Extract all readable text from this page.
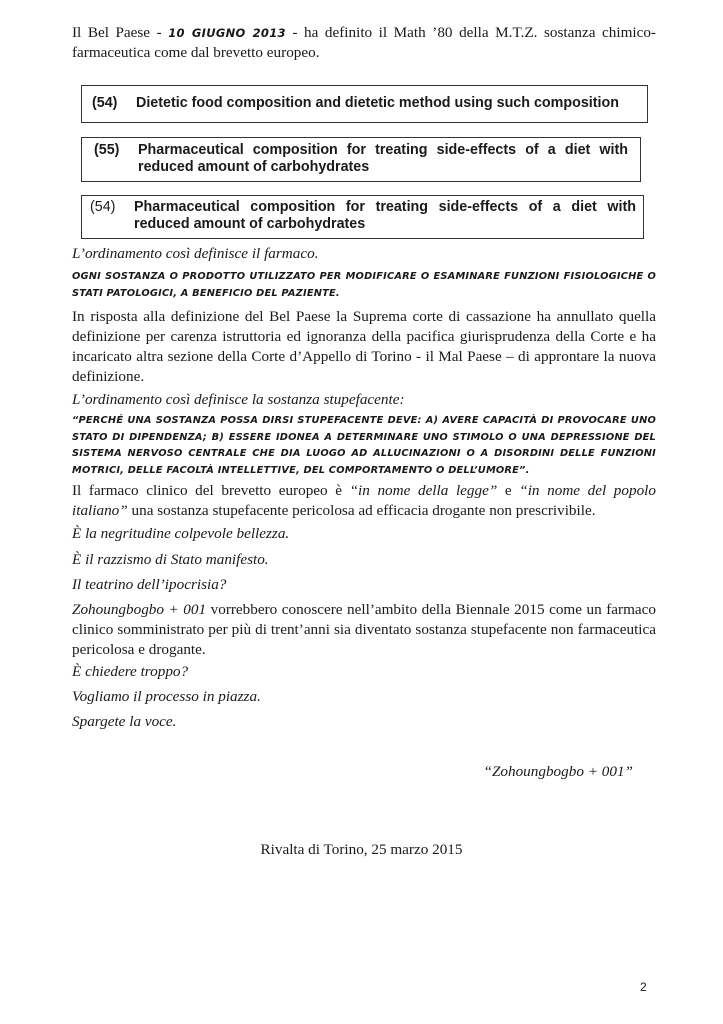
Il Bel Paese - 10 GIUGNO 2013 - ha definito il Math ’80 della M.T.Z. sostanza chimico-farmaceutica come dal brevetto europeo.

(54)	Dietetic food composition and dietetic method using such composition
(55)	Pharmaceutical composition for treating side-effects of a diet with reduced amount of carbohydrates
(54)	Pharmaceutical composition for treating side-effects of a diet with reduced amount of carbohydrates

L’ordinamento così definisce il farmaco.

OGNI SOSTANZA O PRODOTTO UTILIZZATO PER MODIFICARE O ESAMINARE FUNZIONI FISIOLOGICHE O STATI PATOLOGICI, A BENEFICIO DEL PAZIENTE.

In risposta alla definizione del Bel Paese la Suprema corte di cassazione ha annullato quella definizione per carenza istruttoria ed ignoranza della pacifica giurisprudenza della Corte e ha incaricato altra sezione della Corte d’Appello di Torino - il Mal Paese – di approntare la nuova definizione.

L’ordinamento così definisce la sostanza stupefacente:

“PERCHÉ UNA SOSTANZA POSSA DIRSI STUPEFACENTE DEVE: A) AVERE CAPACITÀ DI PROVOCARE UNO STATO DI DIPENDENZA; B) ESSERE IDONEA A DETERMINARE UNO STIMOLO O UNA DEPRESSIONE DEL SISTEMA NERVOSO CENTRALE CHE DIA LUOGO AD ALLUCINAZIONI O A DISORDINI DELLE FUNZIONI MOTRICI, DELLE FACOLTÀ INTELLETTIVE, DEL COMPORTAMENTO O DELL’UMORE”.

Il farmaco clinico del brevetto europeo è “in nome della legge” e “in nome del popolo italiano” una sostanza stupefacente pericolosa ad efficacia drogante non prescrivibile.

È la negritudine colpevole bellezza.

È il razzismo di Stato manifesto.

Il teatrino dell’ipocrisia?

Zohoungbogbo + 001 vorrebbero conoscere nell’ambito della Biennale 2015 come un farmaco clinico somministrato per più di trent’anni sia diventato sostanza stupefacente non farmaceutica pericolosa e drogante.

È chiedere troppo?

Vogliamo il processo in piazza.

Spargete la voce.

“Zohoungbogbo + 001”

Rivalta di Torino, 25 marzo 2015

2
